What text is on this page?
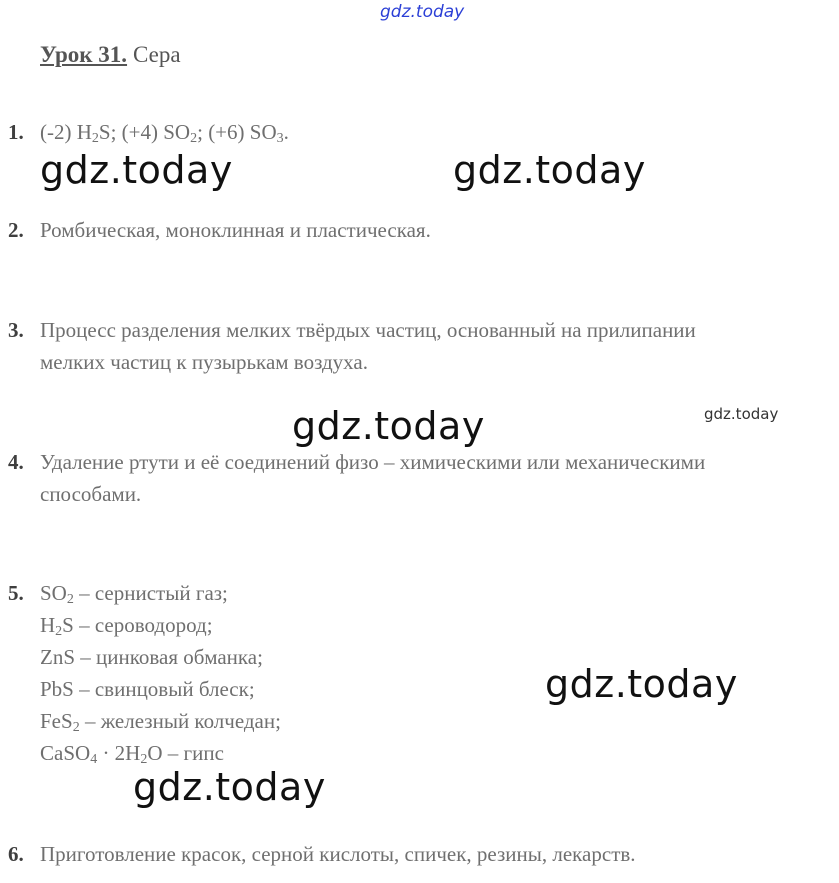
gdz.today
gdz.today	gdz.today
gdz.today	gdz.today
gdz.today
gdz.today
Урок 31. Сера
1. (-2) $H_2S$; (+4) $SO_2$; (+6) $SO_3$.
2. Ромбическая, моноклинная и пластическая.
3. Процесс разделения мелких твёрдых частиц, основанный на прилипании
мелких частиц к пузырькам воздуха.
4. Удаление ртути и её соединений физо – химическими или механическими
способами.
5. $SO_2$ – сернистый газ;
$H_2S$ – сероводород;
ZnS – цинковая обманка;
PbS – свинцовый блеск;
FeS$_2$ – железный колчедан;
CaSO$_4$ · $2H_2O$ – гипс
6. Приготовление красок, серной кислоты, спичек, резины, лекарств.
